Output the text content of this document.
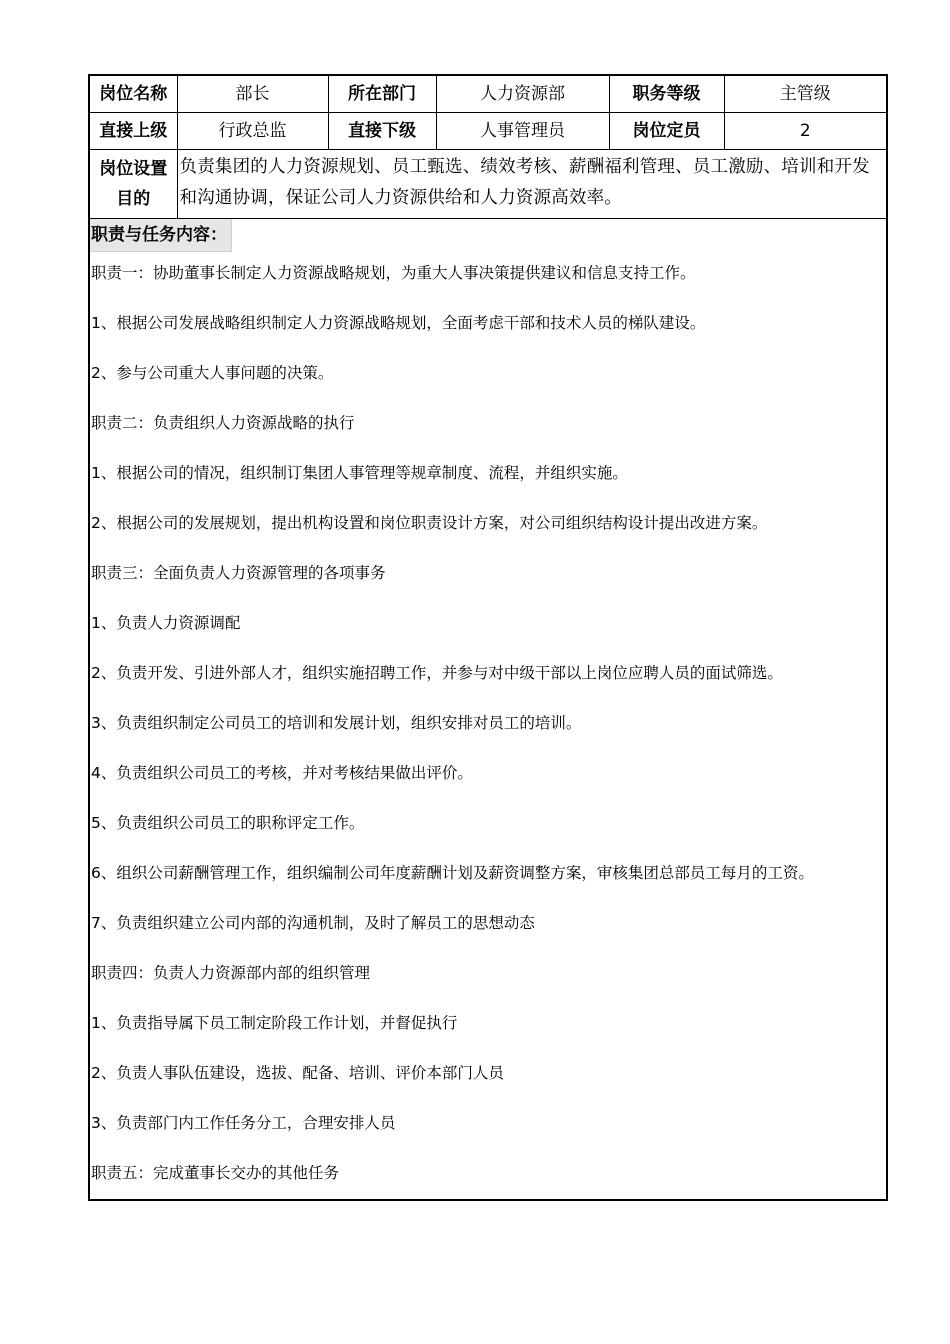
岗位名称	部长	所在部门	人力资源部	职务等级	主管级
直接上级	行政总监	直接下级	人事管理员	岗位定员	2

岗位设置
目的	负责集团的人力资源规划、员工甄选、绩效考核、薪酬福利管理、员工激励、培训和开发和沟通协调，保证公司人力资源供给和人力资源高效率。				
职责与任务内容：
职责一：协助董事长制定人力资源战略规划，为重大人事决策提供建议和信息支持工作。
1、根据公司发展战略组织制定人力资源战略规划，全面考虑干部和技术人员的梯队建设。
2、参与公司重大人事问题的决策。
职责二：负责组织人力资源战略的执行
1、根据公司的情况，组织制订集团人事管理等规章制度、流程，并组织实施。
2、根据公司的发展规划，提出机构设置和岗位职责设计方案，对公司组织结构设计提出改进方案。
职责三：全面负责人力资源管理的各项事务
1、负责人力资源调配
2、负责开发、引进外部人才，组织实施招聘工作，并参与对中级干部以上岗位应聘人员的面试筛选。
3、负责组织制定公司员工的培训和发展计划，组织安排对员工的培训。
4、负责组织公司员工的考核，并对考核结果做出评价。
5、负责组织公司员工的职称评定工作。
6、组织公司薪酬管理工作，组织编制公司年度薪酬计划及薪资调整方案，审核集团总部员工每月的工资。
7、负责组织建立公司内部的沟通机制，及时了解员工的思想动态
职责四：负责人力资源部内部的组织管理
1、负责指导属下员工制定阶段工作计划，并督促执行
2、负责人事队伍建设，选拔、配备、培训、评价本部门人员
3、负责部门内工作任务分工，合理安排人员
职责五：完成董事长交办的其他任务
